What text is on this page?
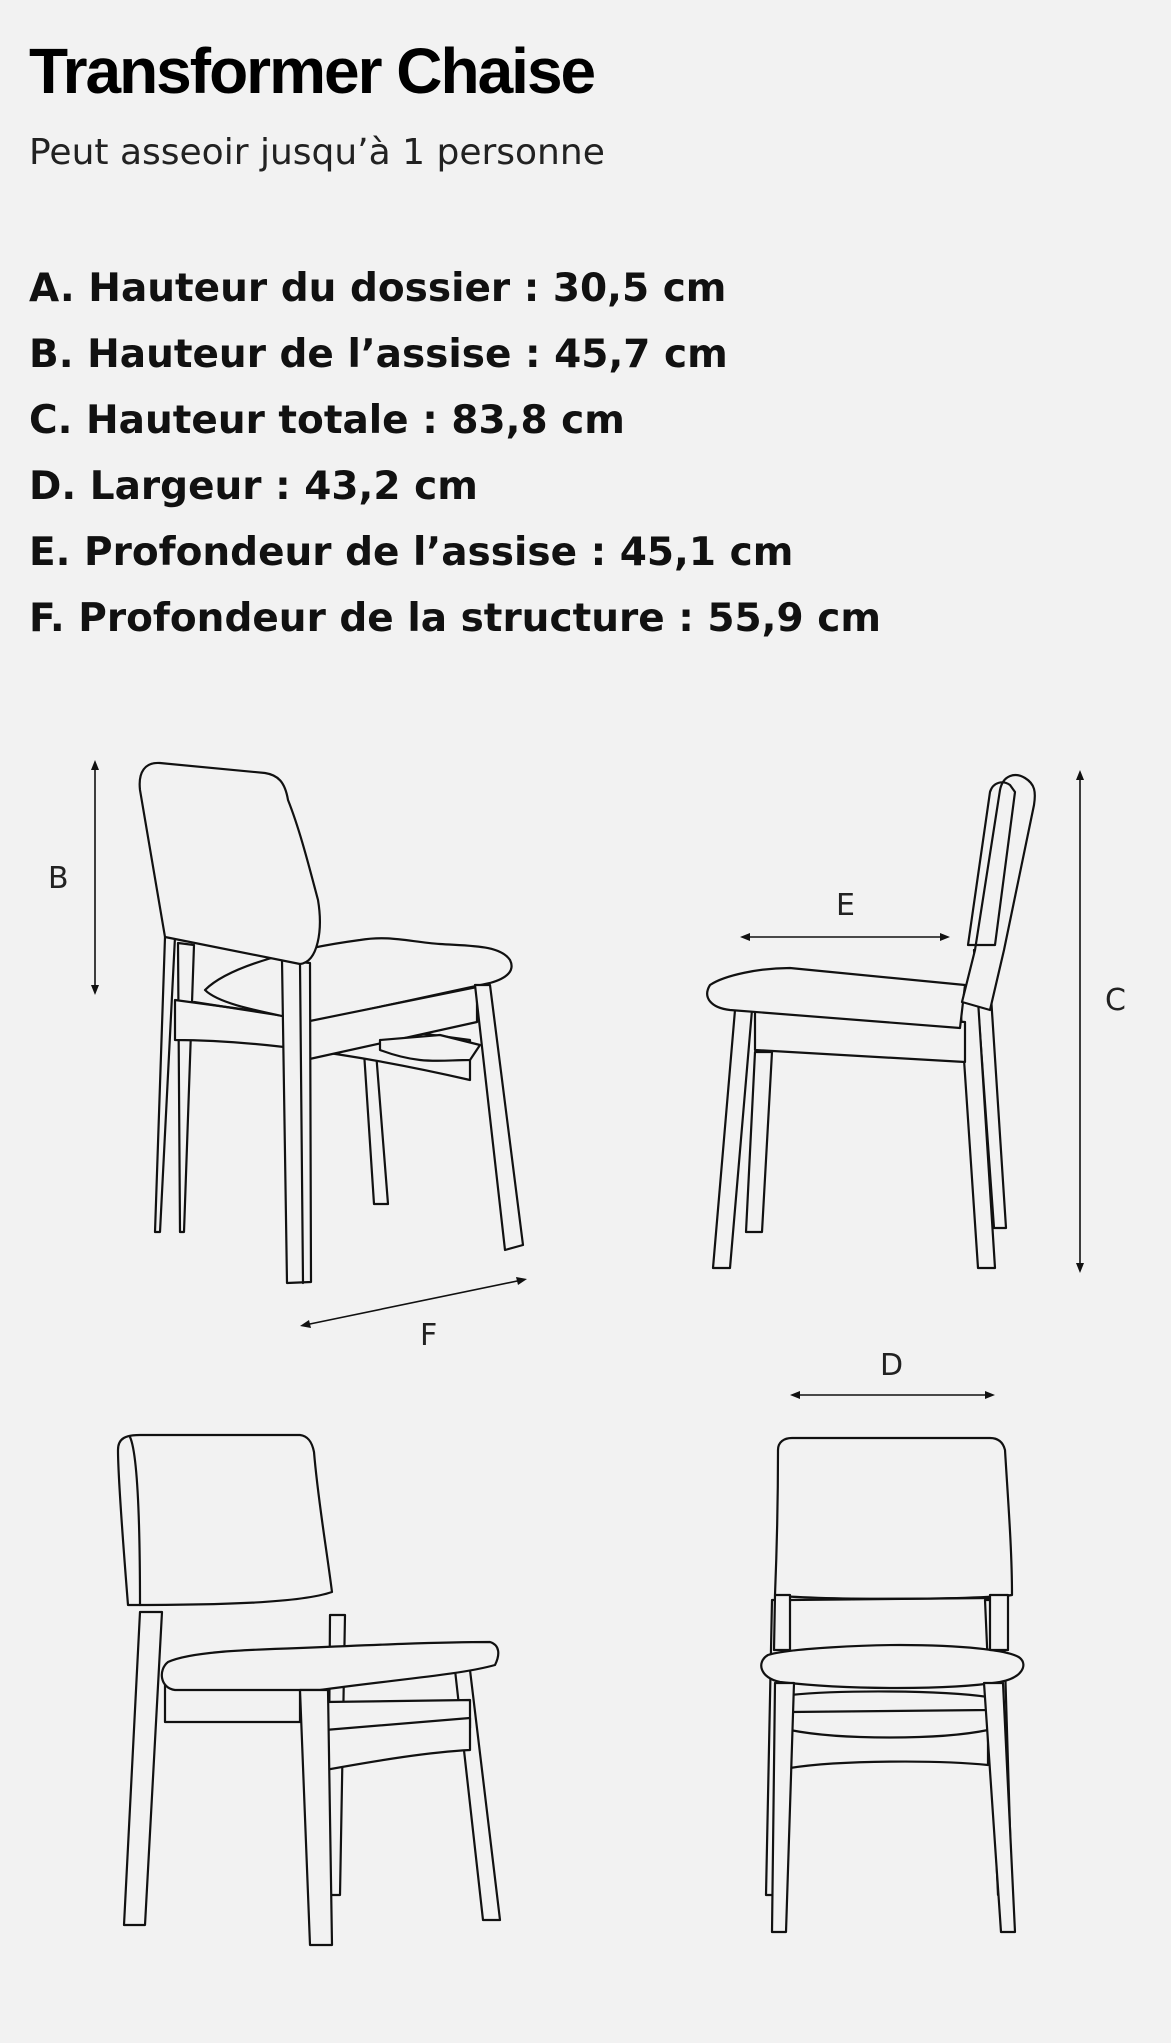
Transformer Chaise
Peut asseoir jusqu’à 1 personne
A. Hauteur du dossier : 30,5 cm
B. Hauteur de l’assise : 45,7 cm
C. Hauteur totale : 83,8 cm
D. Largeur : 43,2 cm
E. Profondeur de l’assise : 45,1 cm
F. Profondeur de la structure : 55,9 cm
B
C
E
F
D
